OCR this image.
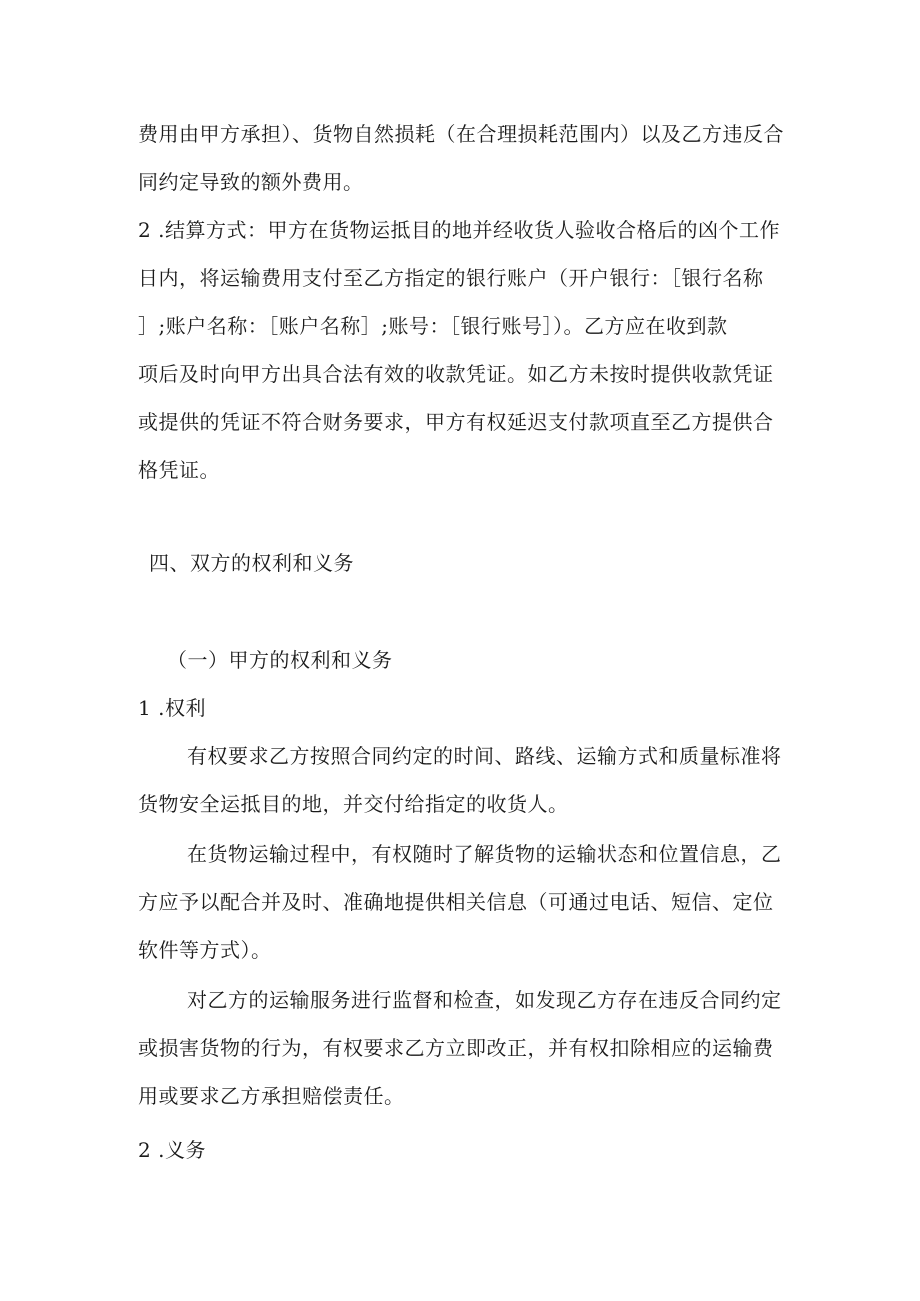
费用由甲方承担）、货物自然损耗（在合理损耗范围内）以及乙方违反合
同约定导致的额外费用。
2 .结算方式：甲方在货物运抵目的地并经收货人验收合格后的凶个工作
日内，将运输费用支付至乙方指定的银行账户（开户银行：［银行名称
］;账户名称：［账户名称］;账号：［银行账号］）。乙方应在收到款
项后及时向甲方出具合法有效的收款凭证。如乙方未按时提供收款凭证
或提供的凭证不符合财务要求，甲方有权延迟支付款项直至乙方提供合
格凭证。
四、双方的权利和义务
（一）甲方的权利和义务
1 .权利
有权要求乙方按照合同约定的时间、路线、运输方式和质量标准将
货物安全运抵目的地，并交付给指定的收货人。
在货物运输过程中，有权随时了解货物的运输状态和位置信息，乙
方应予以配合并及时、准确地提供相关信息（可通过电话、短信、定位
软件等方式）。
对乙方的运输服务进行监督和检查，如发现乙方存在违反合同约定
或损害货物的行为，有权要求乙方立即改正，并有权扣除相应的运输费
用或要求乙方承担赔偿责任。
2 .义务
